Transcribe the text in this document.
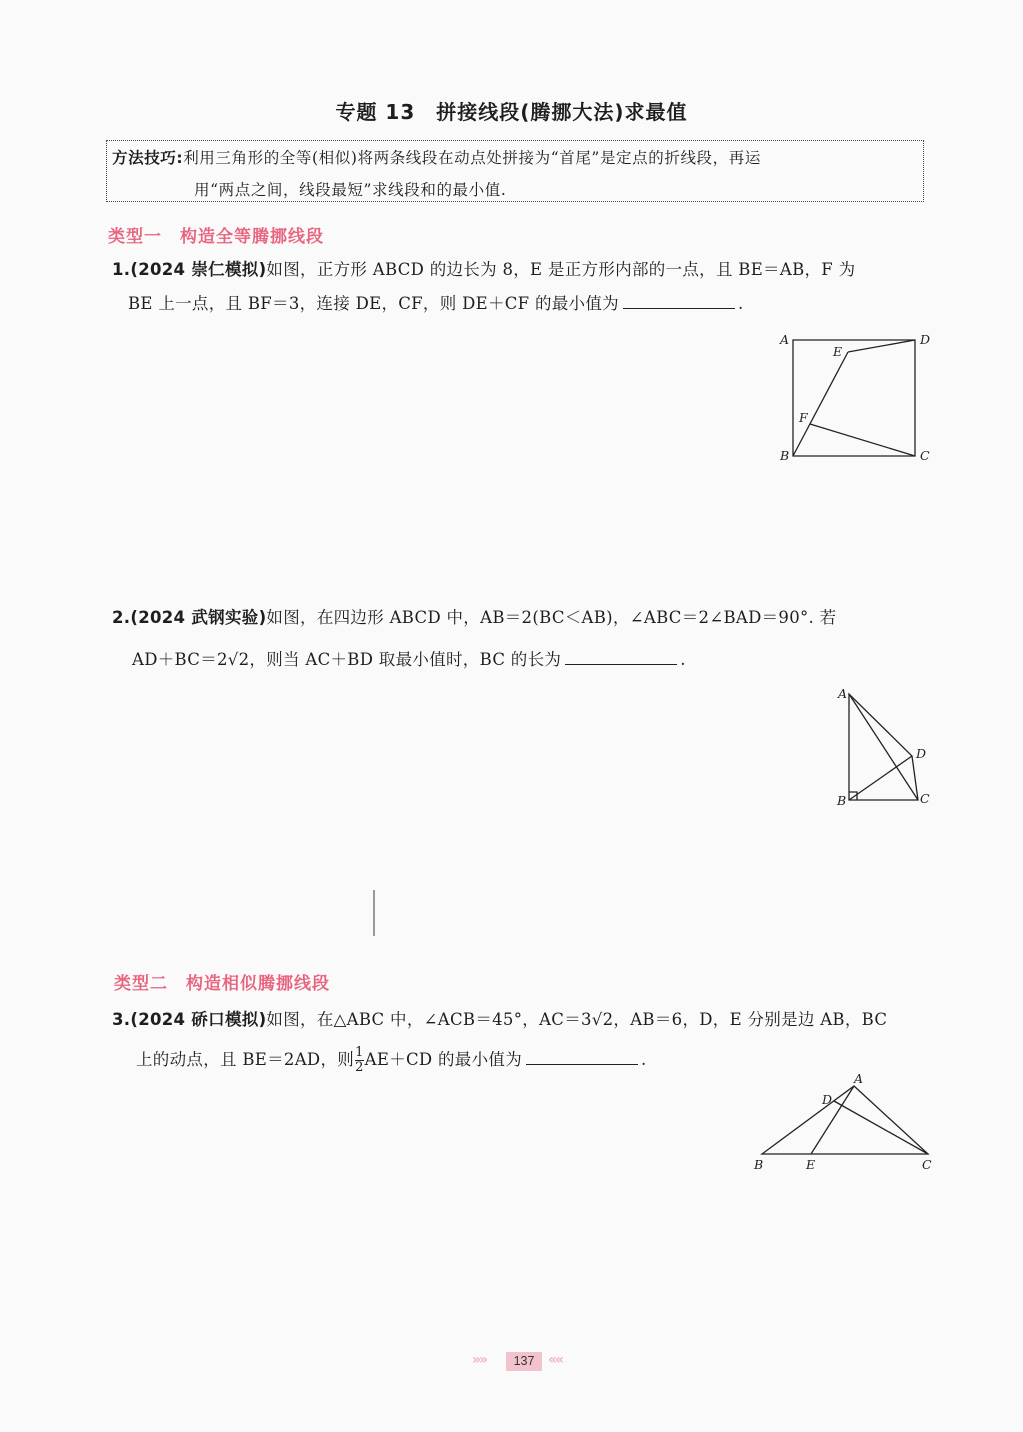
专题 13　拼接线段(腾挪大法)求最值
方法技巧:利用三角形的全等(相似)将两条线段在动点处拼接为“首尾”是定点的折线段，再运
用“两点之间，线段最短”求线段和的最小值.
类型一　构造全等腾挪线段
1.(2024 崇仁模拟)如图，正方形 ABCD 的边长为 8，E 是正方形内部的一点，且 BE＝AB，F 为
BE 上一点，且 BF＝3，连接 DE，CF，则 DE＋CF 的最小值为	.
A	D
E
F
B	C
2.(2024 武钢实验)如图，在四边形 ABCD 中，AB＝2(BC＜AB)，∠ABC＝2∠BAD＝90°. 若
AD＋BC＝2√2，则当 AC＋BD 取最小值时，BC 的长为	.
A
D
B	C
类型二　构造相似腾挪线段
3.(2024 硚口模拟)如图，在△ABC 中，∠ACB＝45°，AC＝3√2，AB＝6，D，E 分别是边 AB，BC
上的动点，且 BE＝2AD，则 $\frac{1}{2} AE+CD$ 的最小值为	.
A
D
B	E	C
»»	137 ««
